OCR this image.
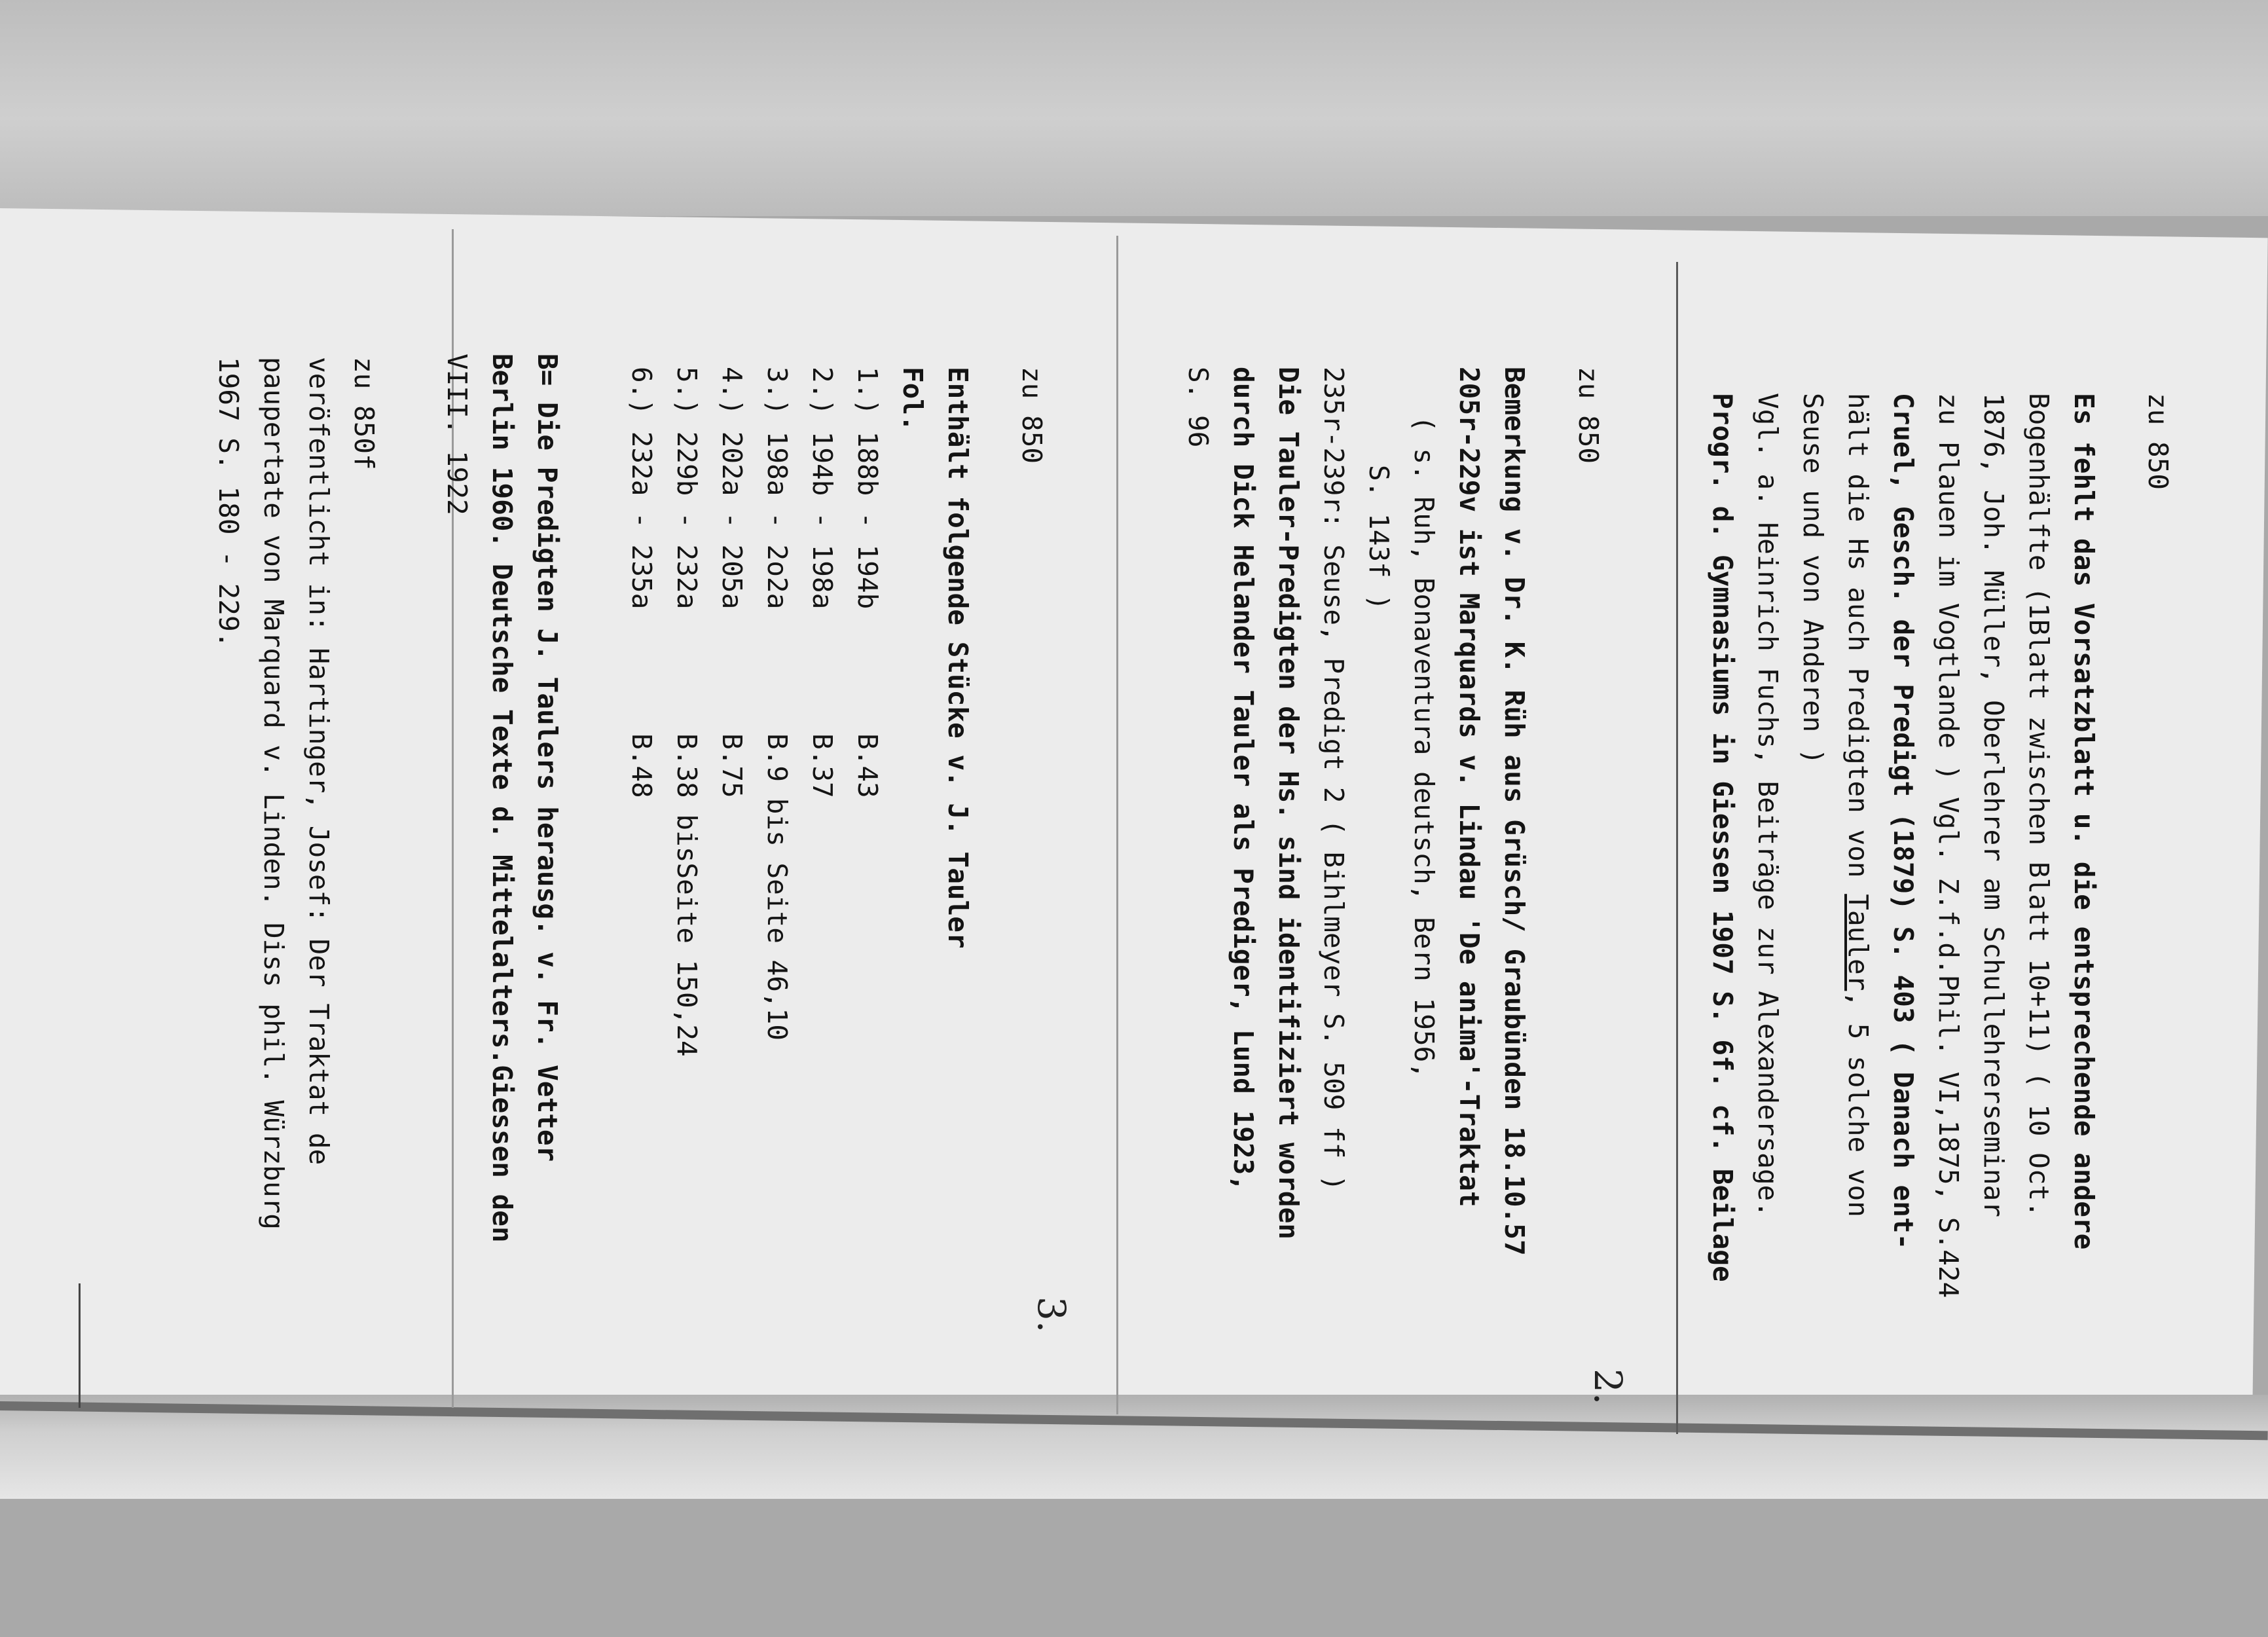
zu 850
Es fehlt das Vorsatzblatt u. die entsprechende andere
Bogenhälfte (1Blatt zwischen Blatt 10+11) ( 10 Oct.
1876, Joh. Müller, Oberlehrer am Schullehrerseminar
zu Plauen im Vogtlande ) Vgl. Z.f.d.Phil. VI,1875, S.424
Cruel, Gesch. der Predigt (1879) S. 403 ( Danach ent-
hält die Hs auch Predigten von Tauler, 5 solche von
Seuse und von Anderen )
Vgl. a. Heinrich Fuchs, Beiträge zur Alexandersage.
Progr. d. Gymnasiums in Giessen 1907 S. 6f. cf. Beilage
2.
zu 850
Bemerkung v. Dr. K. Rüh aus Grüsch/ Graubünden 18.10.57
205r-229v ist Marquards v. Lindau 'De anima'-Traktat
( s. Ruh, Bonaventura deutsch, Bern 1956,
S. 143f )
235r-239r: Seuse, Predigt 2 ( Bihlmeyer S. 509 ff )
Die Tauler-Predigten der Hs. sind identifiziert worden
durch Dick Helander Tauler als Prediger, Lund 1923,
S. 96
3.
zu 850
Enthält folgende Stücke v. J. Tauler
Fol.
1.) 188b - 194b
B.43
2.) 194b - 198a
B.37
3.) 198a - 2o2a
B.9 bis Seite 46,10
4.) 202a - 205a
B.75
5.) 229b - 232a
B.38 bisSeite 150,24
6.) 232a - 235a
B.48
B= Die Predigten J. Taulers herausg. v. Fr. Vetter
Berlin 1960. Deutsche Texte d. Mittelalters.Giessen den
VIII. 1922
zu 850f
veröfentlicht in: Hartinger, Josef: Der Traktat de
paupertate von Marquard v. Linden. Diss phil. Würzburg
1967 S. 180 - 229.
